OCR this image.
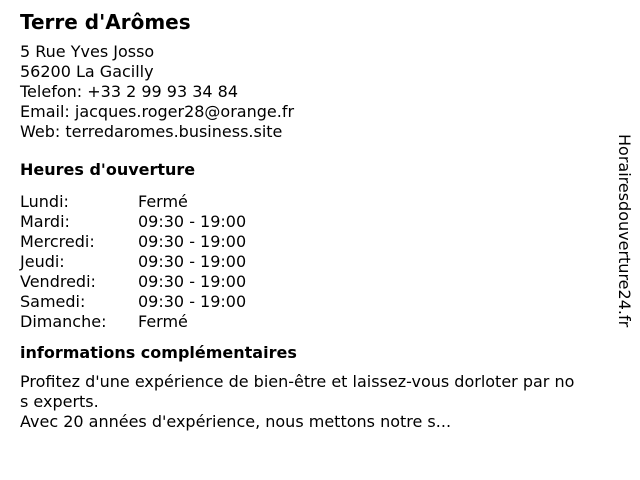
Terre d'Arômes
5 Rue Yves Josso
56200 La Gacilly
Telefon: +33 2 99 93 34 84
Email: jacques.roger28@orange.fr
Web: terredaromes.business.site
Heures d'ouverture
Lundi:	Fermé
Mardi:	09:30 - 19:00
Mercredi:	09:30 - 19:00
Jeudi:	09:30 - 19:00
Vendredi:	09:30 - 19:00
Samedi:	09:30 - 19:00
Dimanche:	Fermé
informations complémentaires
Profitez d'une expérience de bien-être et laissez-vous dorloter par nos experts.
Avec 20 années d'expérience, nous mettons notre s...
Horairesdouverture24.fr
